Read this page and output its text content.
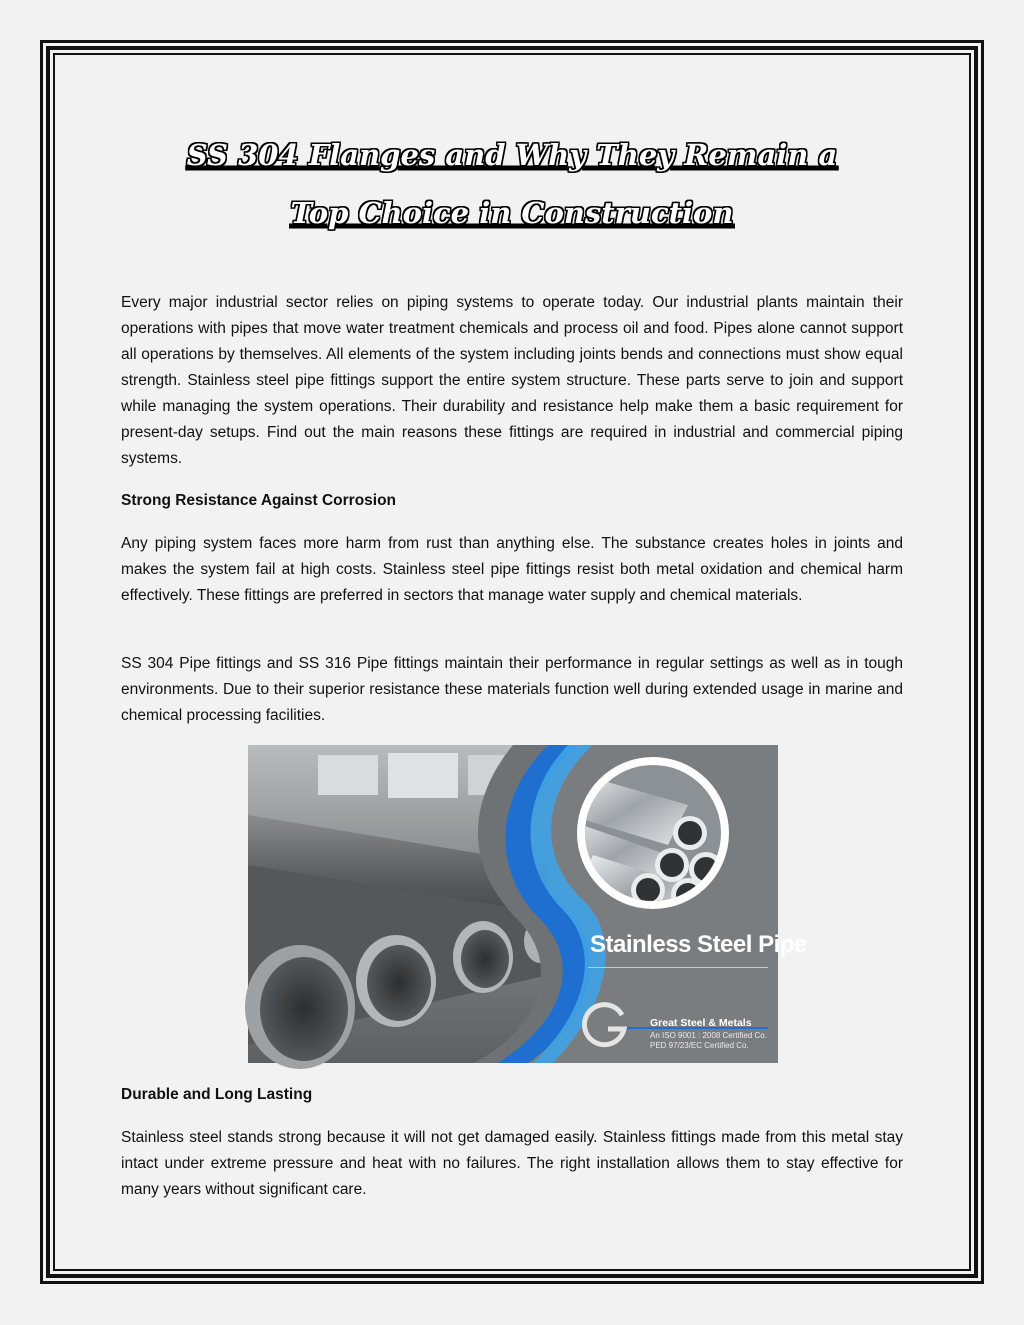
SS 304 Flanges and Why They Remain a
Top Choice in Construction

Every major industrial sector relies on piping systems to operate today. Our industrial plants maintain their operations with pipes that move water treatment chemicals and process oil and food. Pipes alone cannot support all operations by themselves. All elements of the system including joints bends and connections must show equal strength. Stainless steel pipe fittings support the entire system structure. These parts serve to join and support while managing the system operations. Their durability and resistance help make them a basic requirement for present-day setups. Find out the main reasons these fittings are required in industrial and commercial piping systems.

Strong Resistance Against Corrosion

Any piping system faces more harm from rust than anything else. The substance creates holes in joints and makes the system fail at high costs. Stainless steel pipe fittings resist both metal oxidation and chemical harm effectively. These fittings are preferred in sectors that manage water supply and chemical materials.

SS 304 Pipe fittings and SS 316 Pipe fittings maintain their performance in regular settings as well as in tough environments. Due to their superior resistance these materials function well during extended usage in marine and chemical processing facilities.

Durable and Long Lasting

Stainless steel stands strong because it will not get damaged easily. Stainless fittings made from this metal stay intact under extreme pressure and heat with no failures. The right installation allows them to stay effective for many years without significant care.

Stainless Steel Pipe
Great Steel & Metals
An ISO 9001 : 2008 Certified Co.
PED 97/23/EC Certified Co.
